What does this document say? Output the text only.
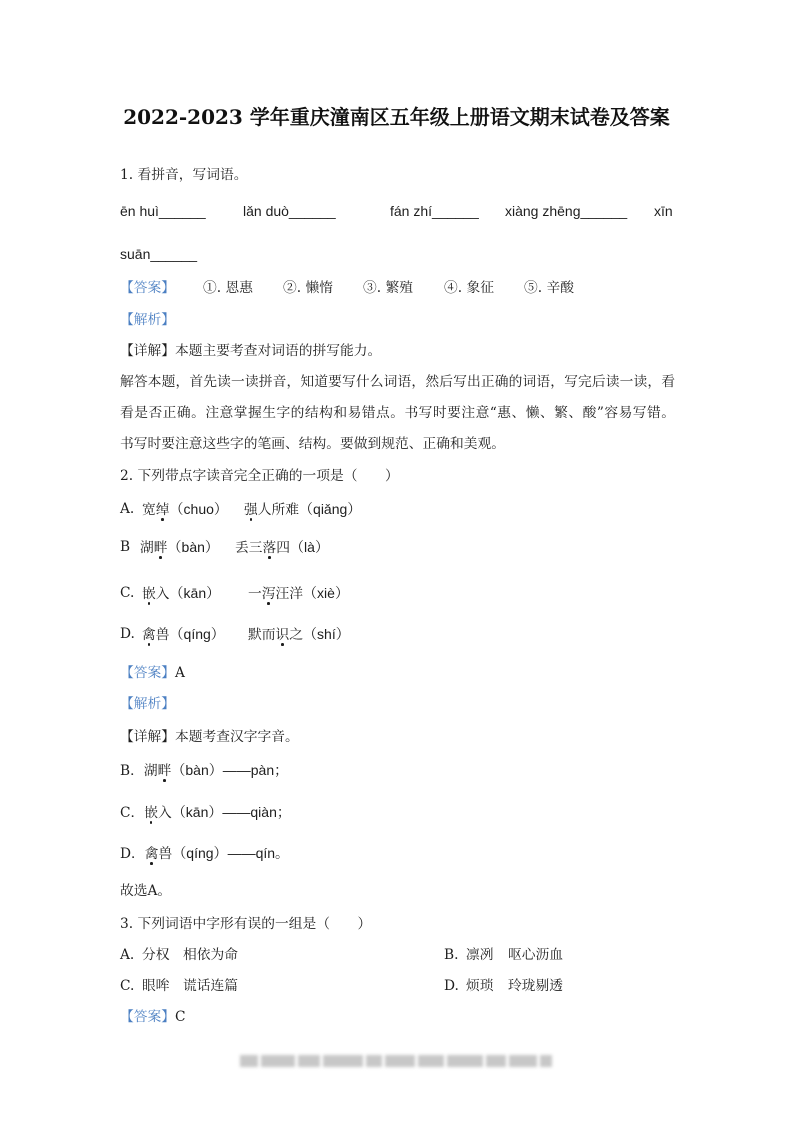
2022-2023 学年重庆潼南区五年级上册语文期末试卷及答案
1. 看拼音，写词语。
ēn huì______	lǎn duò______	fán zhí______ xiàng zhēng______ xīn
suān______
【答案】 ①. 恩惠 ②. 懒惰 ③. 繁殖 ④. 象征 ⑤. 辛酸
【解析】
【详解】本题主要考查对词语的拼写能力。
解答本题，首先读一读拼音，知道要写什么词语，然后写出正确的词语，写完后读一读，看
看是否正确。注意掌握生字的结构和易错点。书写时要注意“惠、懒、繁、酸”容易写错。
书写时要注意这些字的笔画、结构。要做到规范、正确和美观。
2. 下列带点字读音完全正确的一项是（　　）
A. 宽绰（chuo） 强人所难（qiǎng）
B 湖畔（bàn） 丢三落四（là）
C. 嵌入（kān） 一泻汪洋（xiè）
D. 禽兽（qíng） 默而识之（shí）
【答案】A
【解析】
【详解】本题考查汉字字音。
B．湖畔（bàn）——pàn；
C．嵌入（kān）——qiàn；
D．禽兽（qíng）——qín。
故选A。
3. 下列词语中字形有误的一组是（　　）
A. 分权 相依为命	B. 凛冽 呕心沥血
C. 眼哞 谎话连篇	D. 烦琐 玲珑剔透
【答案】C
